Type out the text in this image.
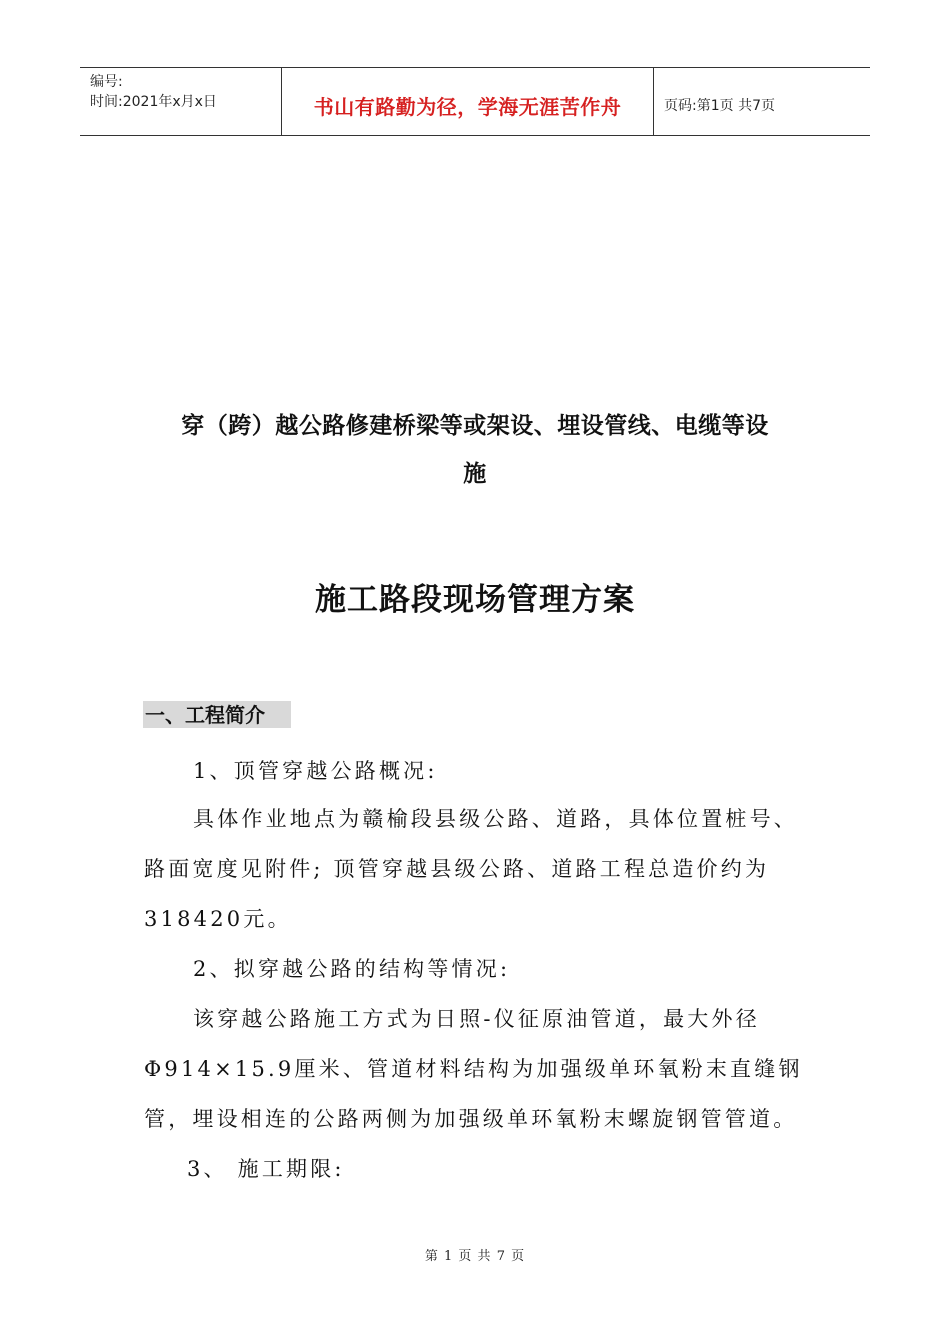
编号:
时间:2021年x月x日	书山有路勤为径，学海无涯苦作舟	页码:第1页 共7页
穿（跨）越公路修建桥梁等或架设、埋设管线、电缆等设
施
施工路段现场管理方案
一、工程简介
1、顶管穿越公路概况:
具体作业地点为赣榆段县级公路、道路，具体位置桩号、
路面宽度见附件; 顶管穿越县级公路、道路工程总造价约为
318420元。
2、拟穿越公路的结构等情况:
该穿越公路施工方式为日照-仪征原油管道，最大外径
Φ914×15.9厘米、管道材料结构为加强级单环氧粉末直缝钢
管，埋设相连的公路两侧为加强级单环氧粉末螺旋钢管管道。
3、 施工期限:
第 1 页 共 7 页
